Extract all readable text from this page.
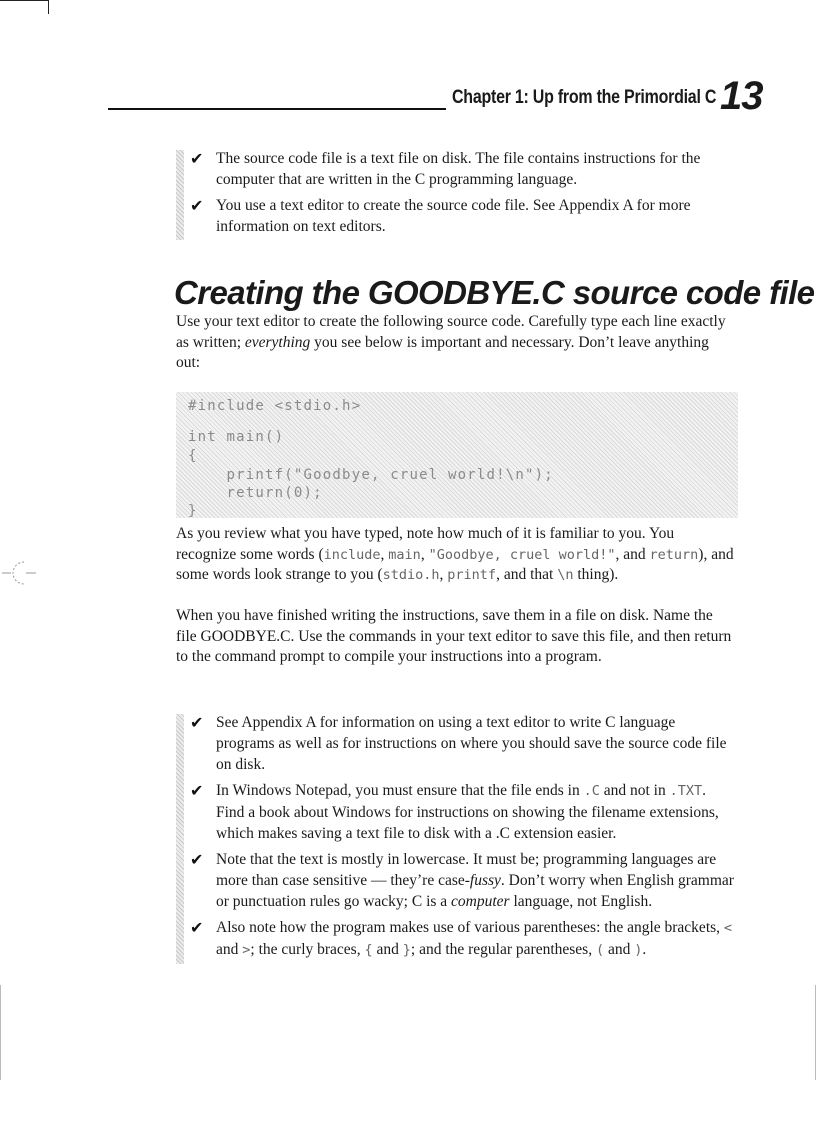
Chapter 1: Up from the Primordial C 13
✔ The source code file is a text file on disk. The file contains instructions for the computer that are written in the C programming language.
✔ You use a text editor to create the source code file. See Appendix A for more information on text editors.
Creating the GOODBYE.C source code file
Use your text editor to create the following source code. Carefully type each line exactly as written; everything you see below is important and necessary. Don’t leave anything out:
#include <stdio.h>
int main()
{
printf("Goodbye, cruel world!\n");
return(0);
}
As you review what you have typed, note how much of it is familiar to you. You recognize some words (include, main, "Goodbye, cruel world!", and return), and some words look strange to you (stdio.h, printf, and that \n thing).
When you have finished writing the instructions, save them in a file on disk. Name the file GOODBYE.C. Use the commands in your text editor to save this file, and then return to the command prompt to compile your instructions into a program.
✔ See Appendix A for information on using a text editor to write C language programs as well as for instructions on where you should save the source code file on disk.
✔ In Windows Notepad, you must ensure that the file ends in .C and not in .TXT. Find a book about Windows for instructions on showing the filename extensions, which makes saving a text file to disk with a .C extension easier.
✔ Note that the text is mostly in lowercase. It must be; programming languages are more than case sensitive — they’re case-fussy. Don’t worry when English grammar or punctuation rules go wacky; C is a computer language, not English.
✔ Also note how the program makes use of various parentheses: the angle brackets, < and >; the curly braces, { and }; and the regular parentheses, ( and ).
